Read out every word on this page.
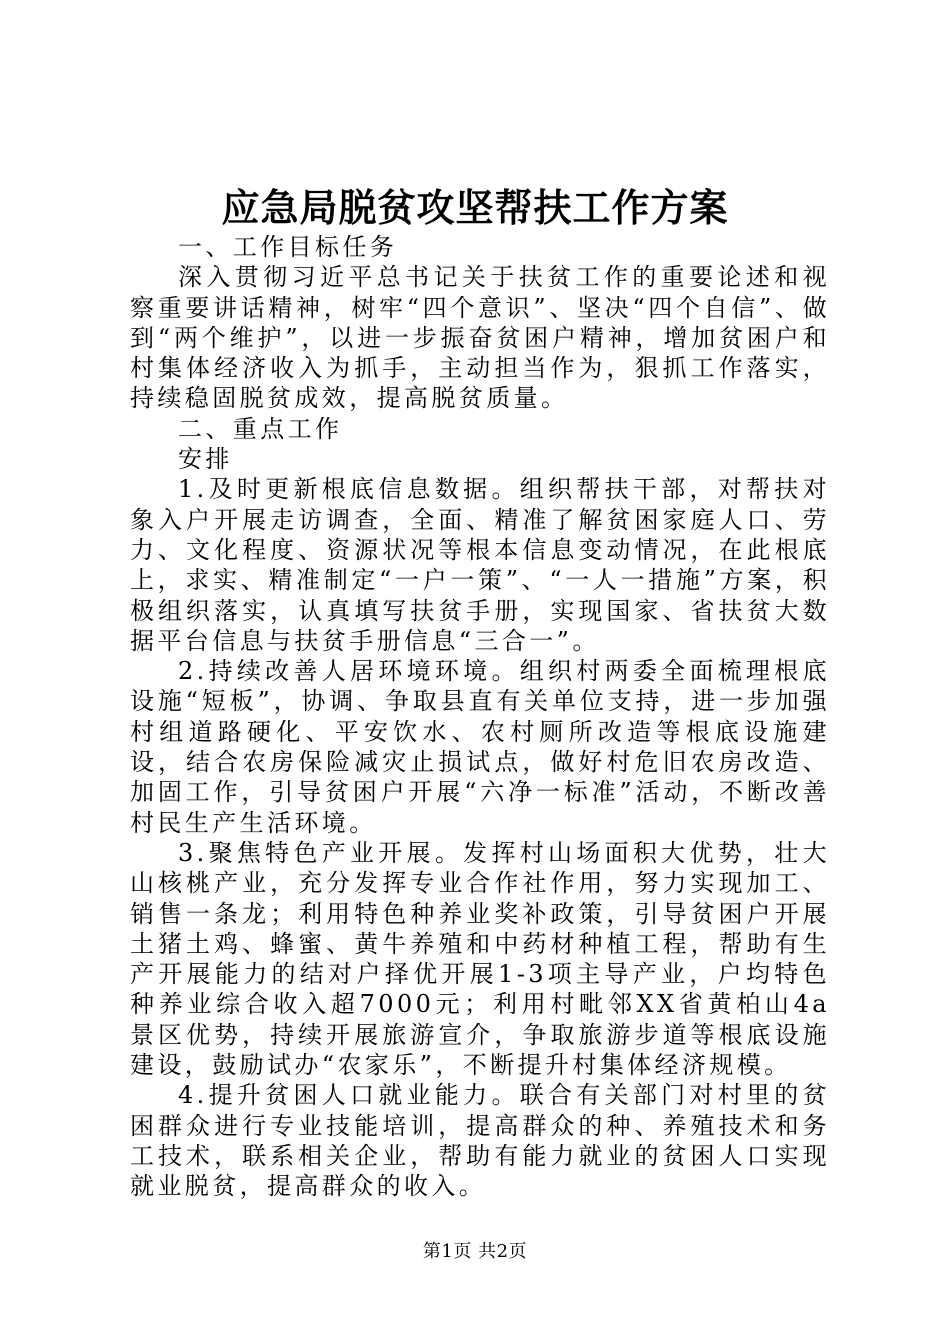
应急局脱贫攻坚帮扶工作方案

一、工作目标任务

深入贯彻习近平总书记关于扶贫工作的重要论述和视察重要讲话精神，树牢“四个意识”、坚决“四个自信”、做到“两个维护”，以进一步振奋贫困户精神，增加贫困户和村集体经济收入为抓手，主动担当作为，狠抓工作落实，持续稳固脱贫成效，提高脱贫质量。

二、重点工作

安排

1.及时更新根底信息数据。组织帮扶干部，对帮扶对象入户开展走访调查，全面、精准了解贫困家庭人口、劳力、文化程度、资源状况等根本信息变动情况，在此根底上，求实、精准制定“一户一策”、“一人一措施”方案，积极组织落实，认真填写扶贫手册，实现国家、省扶贫大数据平台信息与扶贫手册信息“三合一”。

2.持续改善人居环境环境。组织村两委全面梳理根底设施“短板”，协调、争取县直有关单位支持，进一步加强村组道路硬化、平安饮水、农村厕所改造等根底设施建设，结合农房保险减灾止损试点，做好村危旧农房改造、加固工作，引导贫困户开展“六净一标准”活动，不断改善村民生产生活环境。

3.聚焦特色产业开展。发挥村山场面积大优势，壮大山核桃产业，充分发挥专业合作社作用，努力实现加工、销售一条龙；利用特色种养业奖补政策，引导贫困户开展土猪土鸡、蜂蜜、黄牛养殖和中药材种植工程，帮助有生产开展能力的结对户择优开展1-3项主导产业，户均特色种养业综合收入超7000元；利用村毗邻XX省黄柏山4a景区优势，持续开展旅游宣介，争取旅游步道等根底设施建设，鼓励试办“农家乐”，不断提升村集体经济规模。

4.提升贫困人口就业能力。联合有关部门对村里的贫困群众进行专业技能培训，提高群众的种、养殖技术和务工技术，联系相关企业，帮助有能力就业的贫困人口实现就业脱贫，提高群众的收入。

第1页 共2页
